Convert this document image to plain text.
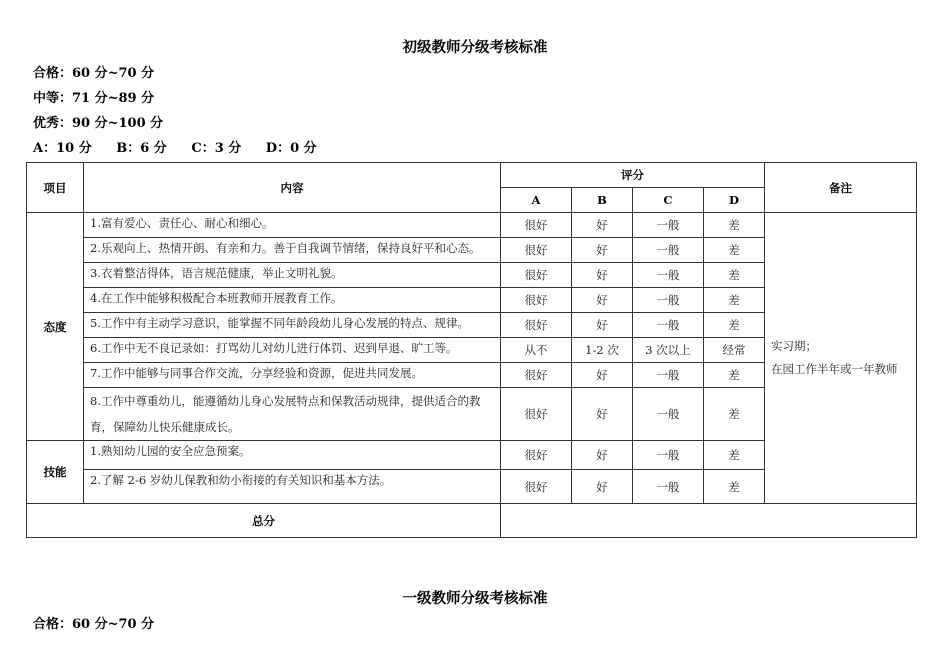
初级教师分级考核标准
合格：60 分~70 分
中等：71 分~89 分
优秀：90 分~100 分
A：10 分 B：6 分 C：3 分 D：0 分
项目	内容	评分				备注
		A	B	C	D	
态度	1.富有爱心、责任心、耐心和细心。	很好	好	一般	差	实习期；
在园工作半年或一年教师

	2.乐观向上、热情开朗、有亲和力。善于自我调节情绪，保持良好平和心态。	很好	好	一般	差	
	3.衣着整洁得体，语言规范健康，举止文明礼貌。	很好	好	一般	差	
	4.在工作中能够积极配合本班教师开展教育工作。	很好	好	一般	差	
	5.工作中有主动学习意识，能掌握不同年龄段幼儿身心发展的特点、规律。	很好	好	一般	差	
	6.工作中无不良记录如：打骂幼儿对幼儿进行体罚、迟到早退、旷工等。	从不	1-2 次	3 次以上	经常	
	7.工作中能够与同事合作交流，分享经验和资源，促进共同发展。	很好	好	一般	差	
	8.工作中尊重幼儿，能遵循幼儿身心发展特点和保教活动规律，提供适合的教育，保障幼儿快乐健康成长。	很好	好	一般	差	
技能	1.熟知幼儿园的安全应急预案。	很好	好	一般	差	
	2.了解 2-6 岁幼儿保教和幼小衔接的有关知识和基本方法。	很好	好	一般	差	
总分						
一级教师分级考核标准
合格：60 分~70 分
